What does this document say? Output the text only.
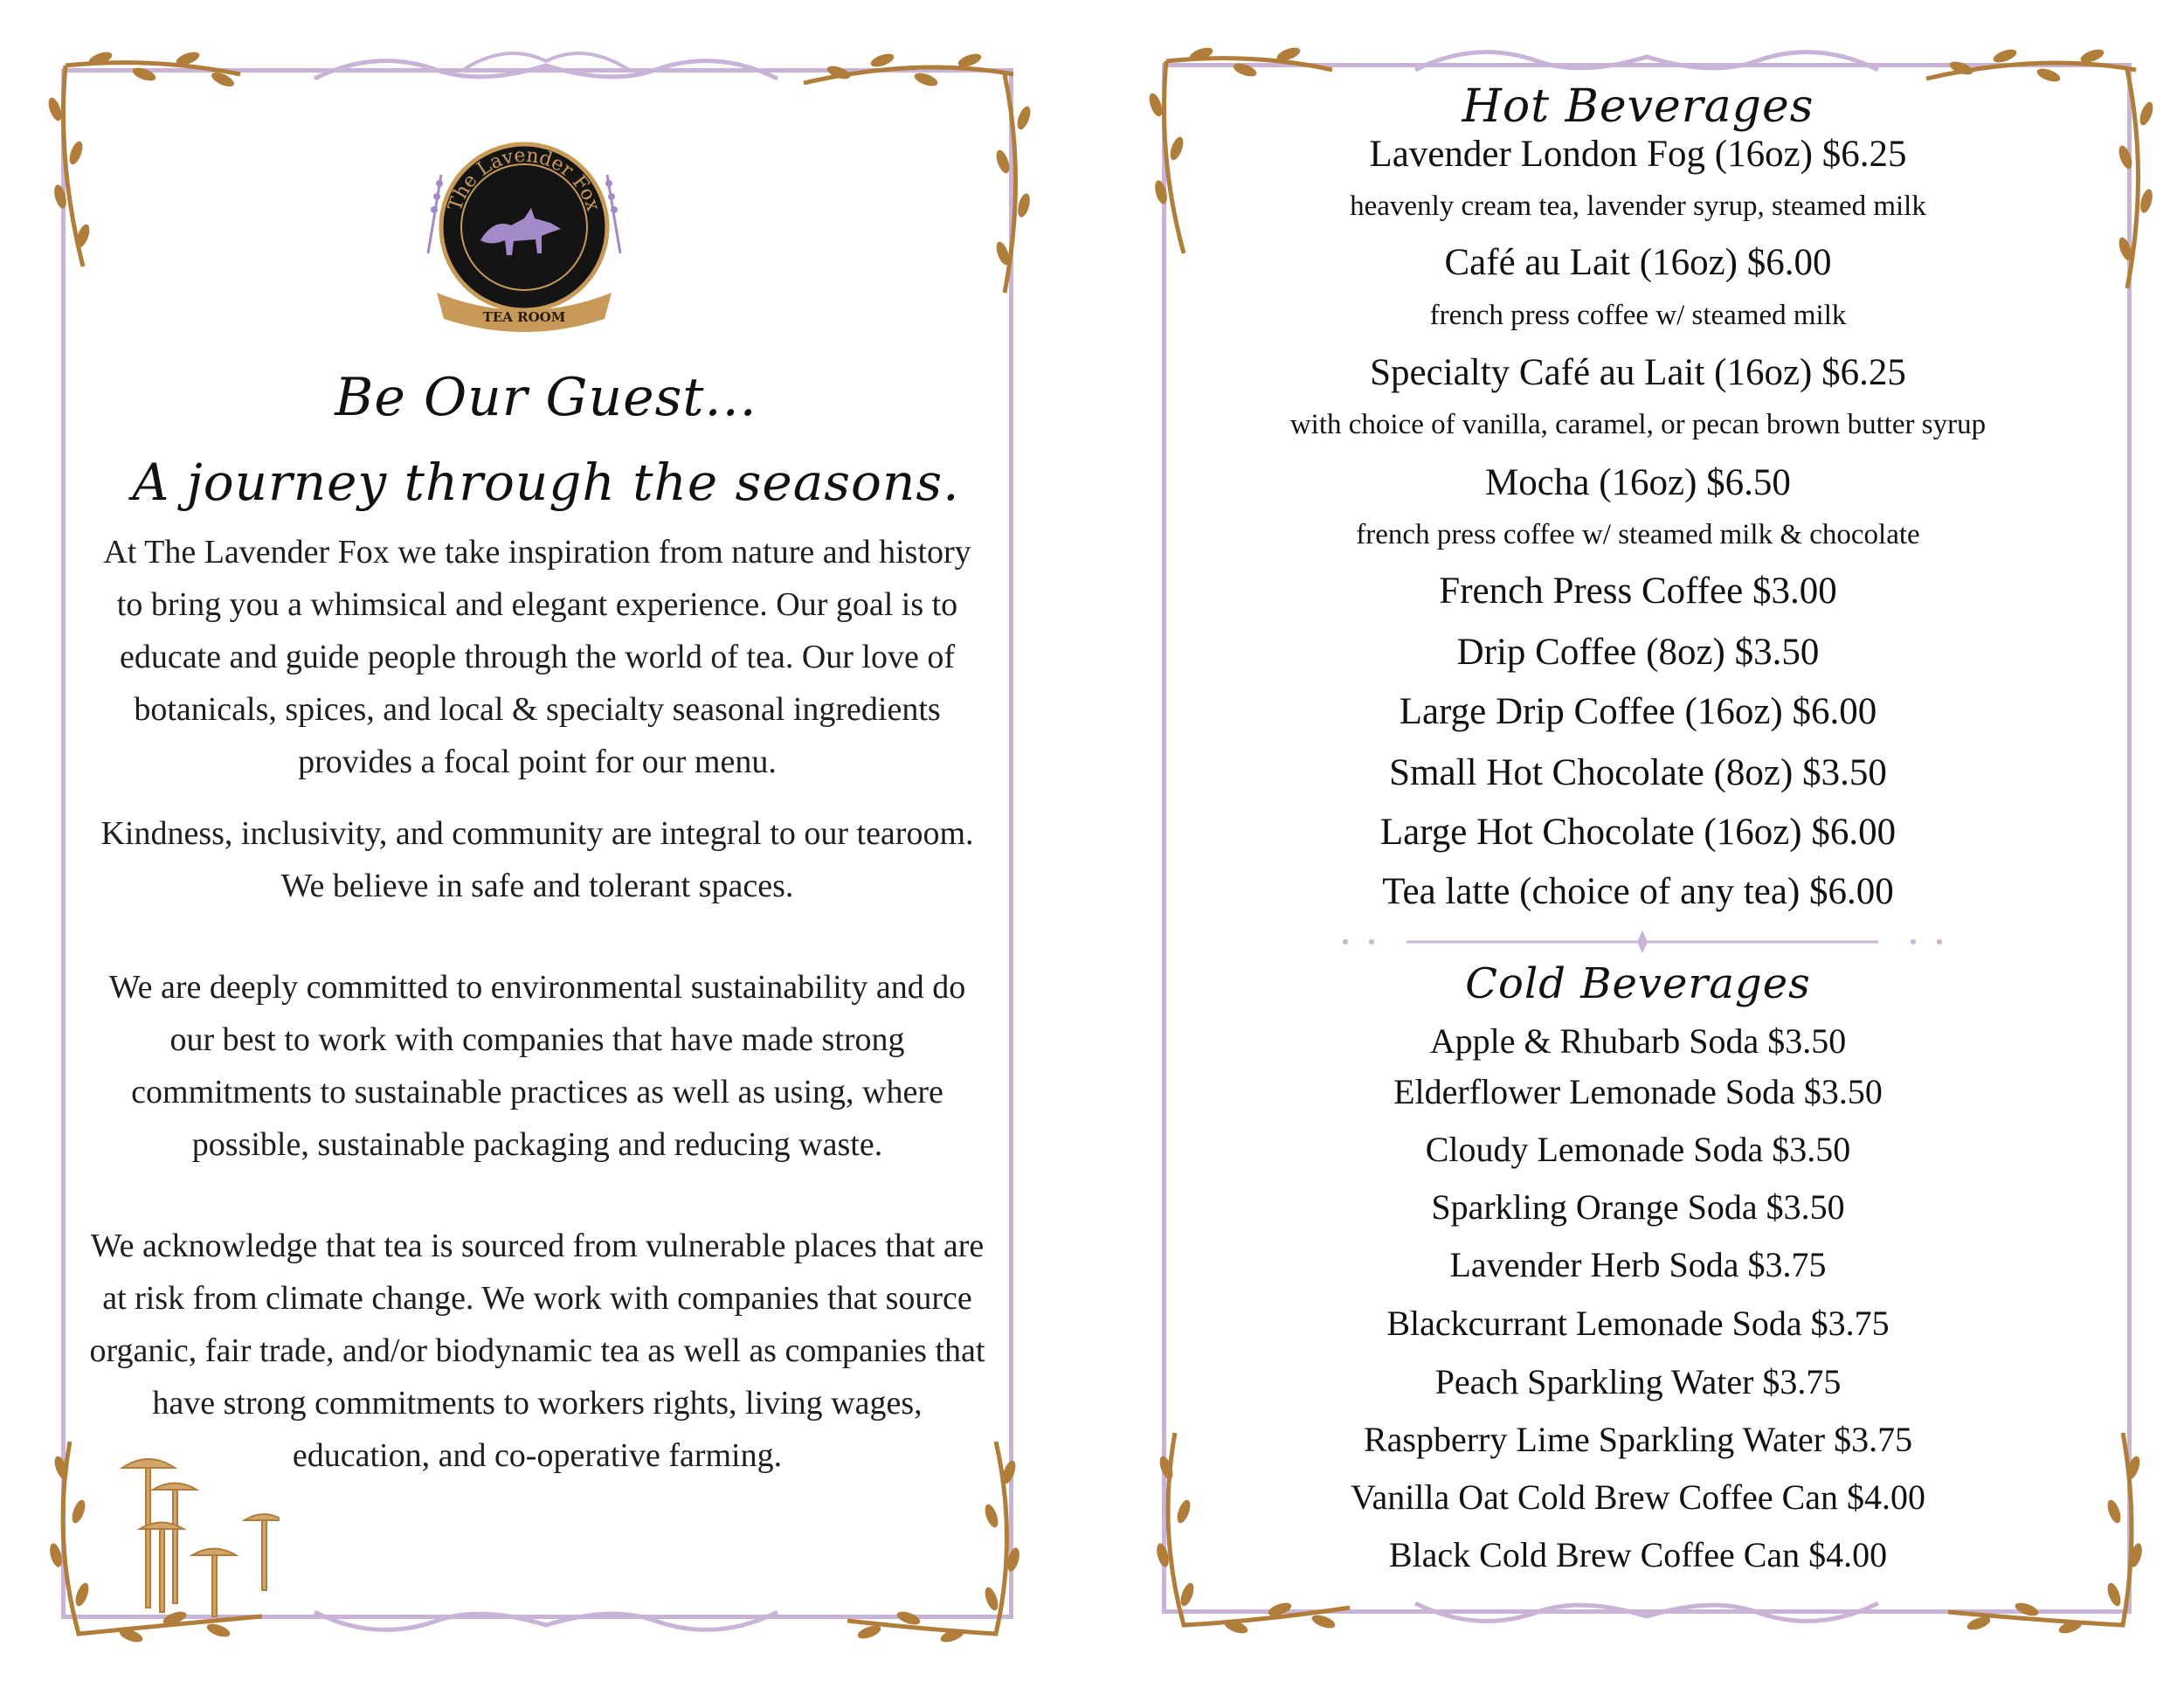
TEA ROOM
The Lavender Fox
Be Our Guest...
A journey through the seasons.

At The Lavender Fox we take inspiration from nature and history to bring you a whimsical and elegant experience. Our goal is to educate and guide people through the world of tea. Our love of botanicals, spices, and local & specialty seasonal ingredients provides a focal point for our menu.

Kindness, inclusivity, and community are integral to our tearoom. We believe in safe and tolerant spaces.

We are deeply committed to environmental sustainability and do our best to work with companies that have made strong commitments to sustainable practices as well as using, where possible, sustainable packaging and reducing waste.

We acknowledge that tea is sourced from vulnerable places that are at risk from climate change. We work with companies that source organic, fair trade, and/or biodynamic tea as well as companies that have strong commitments to workers rights, living wages, education, and co-operative farming.

Hot Beverages
Lavender London Fog (16oz) $6.25
heavenly cream tea, lavender syrup, steamed milk
Café au Lait (16oz) $6.00
french press coffee w/ steamed milk
Specialty Café au Lait (16oz) $6.25
with choice of vanilla, caramel, or pecan brown butter syrup
Mocha (16oz) $6.50
french press coffee w/ steamed milk & chocolate
French Press Coffee $3.00
Drip Coffee (8oz) $3.50
Large Drip Coffee (16oz) $6.00
Small Hot Chocolate (8oz) $3.50
Large Hot Chocolate (16oz) $6.00
Tea latte (choice of any tea) $6.00
Cold Beverages
Apple & Rhubarb Soda $3.50
Elderflower Lemonade Soda $3.50
Cloudy Lemonade Soda $3.50
Sparkling Orange Soda $3.50
Lavender Herb Soda $3.75
Blackcurrant Lemonade Soda $3.75
Peach Sparkling Water $3.75
Raspberry Lime Sparkling Water $3.75
Vanilla Oat Cold Brew Coffee Can $4.00
Black Cold Brew Coffee Can $4.00
